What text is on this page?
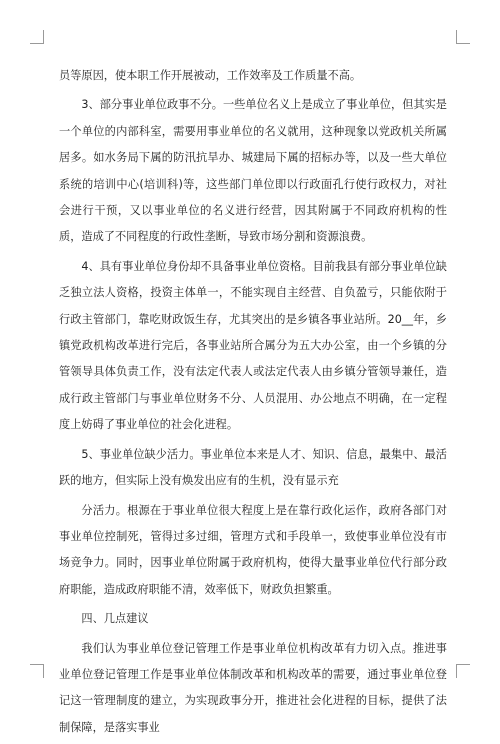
员等原因，使本职工作开展被动，工作效率及工作质量不高。

3、部分事业单位政事不分。一些单位名义上是成立了事业单位，但其实是一个单位的内部科室，需要用事业单位的名义就用，这种现象以党政机关所属居多。如水务局下属的防汛抗旱办、城建局下属的招标办等，以及一些大单位系统的培训中心(培训科)等，这些部门单位即以行政面孔行使行政权力，对社会进行干预，又以事业单位的名义进行经营，因其附属于不同政府机构的性质，造成了不同程度的行政性垄断，导致市场分割和资源浪费。

4、具有事业单位身份却不具备事业单位资格。目前我县有部分事业单位缺乏独立法人资格，投资主体单一，不能实现自主经营、自负盈亏，只能依附于行政主管部门，靠吃财政饭生存，尤其突出的是乡镇各事业站所。20__年，乡镇党政机构改革进行完后，各事业站所合属分为五大办公室，由一个乡镇的分管领导具体负责工作，没有法定代表人或法定代表人由乡镇分管领导兼任，造成行政主管部门与事业单位财务不分、人员混用、办公地点不明确，在一定程度上妨碍了事业单位的社会化进程。

5、事业单位缺少活力。事业单位本来是人才、知识、信息，最集中、最活跃的地方，但实际上没有焕发出应有的生机，没有显示充

分活力。根源在于事业单位很大程度上是在靠行政化运作，政府各部门对事业单位控制死，管得过多过细，管理方式和手段单一，致使事业单位没有市场竞争力。同时，因事业单位附属于政府机构，使得大量事业单位代行部分政府职能，造成政府职能不清，效率低下，财政负担繁重。

四、几点建议

我们认为事业单位登记管理工作是事业单位机构改革有力切入点。推进事业单位登记管理工作是事业单位体制改革和机构改革的需要，通过事业单位登记这一管理制度的建立，为实现政事分开，推进社会化进程的目标，提供了法制保障，是落实事业
